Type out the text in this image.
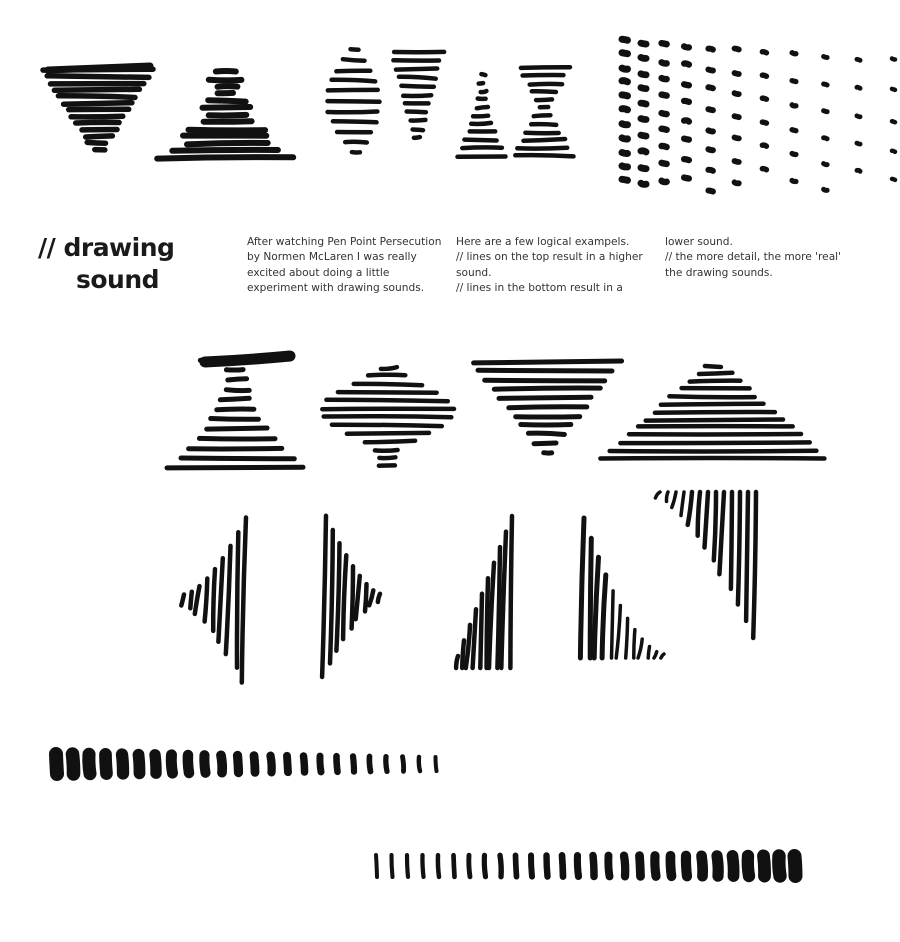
// drawing
sound
After watching Pen Point Persecution
by Normen McLaren I was really
excited about doing a little
experiment with drawing sounds.
Here are a few logical exampels.
// lines on the top result in a higher
sound.
// lines in the bottom result in a
lower sound.
// the more detail, the more 'real'
the drawing sounds.
